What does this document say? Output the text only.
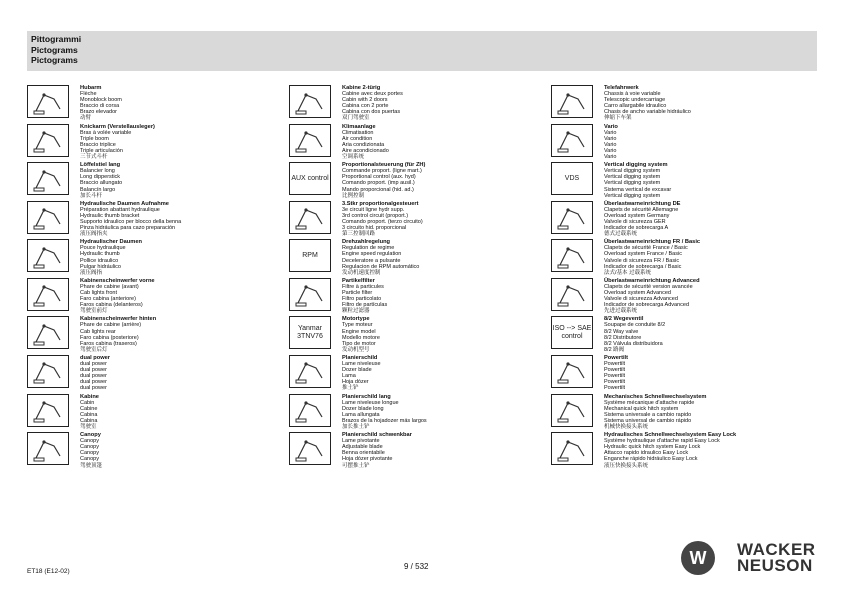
Pittogrammi
Pictograms
Pictograms
Hubarm
Flèche
Monoblock boom
Braccio di corsa
Brazo elevador
动臂
Knickarm (Verstellausleger)
Bras à volée variable
Triple boom
Braccio triplice
Triple articulación
三节式斗杆
Löffelstiel lang
Balancier long
Long dipperstick
Braccio allungato
Balancín largo
加长斗杆
Hydraulische Daumen Aufnahme
Préparation abattant hydraulique
Hydraulic thumb bracket
Supporto idraulico per blocco della benna
Pinza hidráulica para cazo preparación
液压阀指夹
Hydraulischer Daumen
Pouce hydraulique
Hydraulic thumb
Pollice idraulico
Pulgar hidráulico
液压阀指
Kabinenscheinwerfer vorne
Phare de cabine (avant)
Cab lights front
Faro cabina (anteriore)
Faros cabina (delanteros)
驾驶室前灯
Kabinenscheinwerfer hinten
Phare de cabine (arrière)
Cab lights rear
Faro cabina (posteriore)
Faros cabina (traseros)
驾驶室后灯
dual power
dual power
dual power
dual power
dual power
dual power
Kabine
Cabin
Cabine
Cabina
Cabina
驾驶室
Canopy
Canopy
Canopy
Canopy
Canopy
驾驶顶篷
Kabine 2-türig
Cabine avec deux portes
Cabin with 2 doors
Cabina con 2 porte
Cabina con dos puertas
双门驾驶室
Klimaanlage
Climatisation
Air condition
Aria condizionata
Aire acondicionado
空调系统
AUX control
Proportionalsteuerung (für ZH)
Commande proport. (ligne mart.)
Proportional control (aux. hyd)
Comando proport. (imp ausil.)
Mando proporcional (hid. ad.)
比例控制
3.Stkr proportionalgesteuert
3e circuit ligne hydr supp.
3rd control circuit (proport.)
Comando proport. (terzo circuito)
3 circuito hid. proporcional
第三控制回路
RPM
Drehzahlregelung
Regulation de regime
Engine speed regulation
Deceleratore a pulsante
Regulacion de RPM automático
发动机速度控制
Partikelfilter
Filtre à particules
Particle filter
Filtro particolato
Filtro de partículas
颗粒过滤器
Yanmar 3TNV76
Motortype
Type moteur
Engine model
Modello motore
Tipo de motor
发动机型号
Planierschild
Lame niveleuse
Dozer blade
Lama
Hoja dózer
推土铲
Planierschild lang
Lame niveleuse longue
Dozer blade long
Lama allungata
Brazos de la hojadozer más largos
加长推土铲
Planierschild schwenkbar
Lame pivotante
Adjustable blade
Benna orientabile
Hoja dózer pivotante
可摆推土铲
Telefahrwerk
Chassis à voie variable
Telescopic undercarriage
Carro allargabile idraulico
Chasis de ancho variable hidráulico
伸缩下车架
Vario
Vario
Vario
Vario
Vario
Vario
VDS
Vertical digging system
Vertical digging system
Vertical digging system
Vertical digging system
Sistema vertical de excavar
Vertical digging system
Überlastwarneinrichtung DE
Clapets de sécurité Allemagne
Overload system Germany
Valvole di sicurezza GER
Indicador de sobrecarga A
德式过载系统
Überlastwarneinrichtung FR / Basic
Clapets de sécurité France / Basic
Overload system France / Basic
Valvole di sicurezza FR / Basic
Indicador de sobrecarga / Basic
法式/基本 过载系统
Überlastwarneinrichtung Advanced
Clapets de sécurité version avancée
Overload system Advanced
Valvole di sicurezza Advanced
Indicador de sobrecarga Advanced
先进过载系统
ISO --> SAE control
8/2 Wegeventil
Soupape de conduite 8/2
8/2 Way valve
8/2 Distributore
8/2 Válvula distribuidora
8/2 路阀
Powertilt
Powertilt
Powertilt
Powertilt
Powertilt
Powertilt
Mechanisches Schnellwechselsystem
Système mécanique d'attache rapide
Mechanical quick hitch system
Sistema universale a cambio rapido
Sistema universal de cambio rápido
机械快换接头系统
Hydraulisches Schnellwechselsystem Easy Lock
Système hydraulique d'attache rapid Easy Lock
Hydraulic quick hitch system Easy Lock
Attacco rapido idraulico Easy Lock
Enganche rápido hidráulico Easy Lock
液压快换接头系统
ET18 (E12-02)
9 / 532	W	WACKER
NEUSON
